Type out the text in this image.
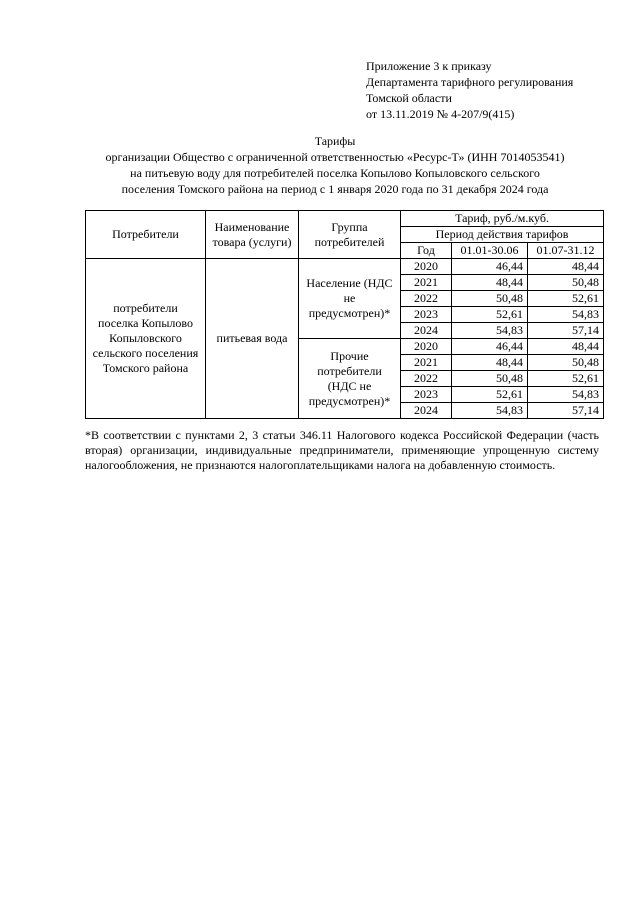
Приложение 3 к приказу
Департамента тарифного регулирования
Томской области
от 13.11.2019 № 4-207/9(415)
Тарифы
организации Общество с ограниченной ответственностью «Ресурс-Т» (ИНН 7014053541)
на питьевую воду для потребителей поселка Копылово Копыловского сельского
поселения Томского района на период с 1 января 2020 года по 31 декабря 2024 года
Потребители	Наименование товара (услуги)	Группа потребителей	Тариф, руб./м.куб.		
			Период действия тарифов		
			Год	01.01-30.06	01.07-31.12
потребители поселка Копылово Копыловского сельского поселения Томского района	питьевая вода	Население (НДС не предусмотрен)*	2020	46,44	48,44
			2021	48,44	50,48
			2022	50,48	52,61
			2023	52,61	54,83
			2024	54,83	57,14
		Прочие потребители (НДС не предусмотрен)*	2020	46,44	48,44
			2021	48,44	50,48
			2022	50,48	52,61
			2023	52,61	54,83
			2024	54,83	57,14

*В соответствии с пунктами 2, 3 статьи 346.11 Налогового кодекса Российской Федерации (часть вторая) организации, индивидуальные предприниматели, применяющие упрощенную систему налогообложения, не признаются налогоплательщиками налога на добавленную стоимость.
